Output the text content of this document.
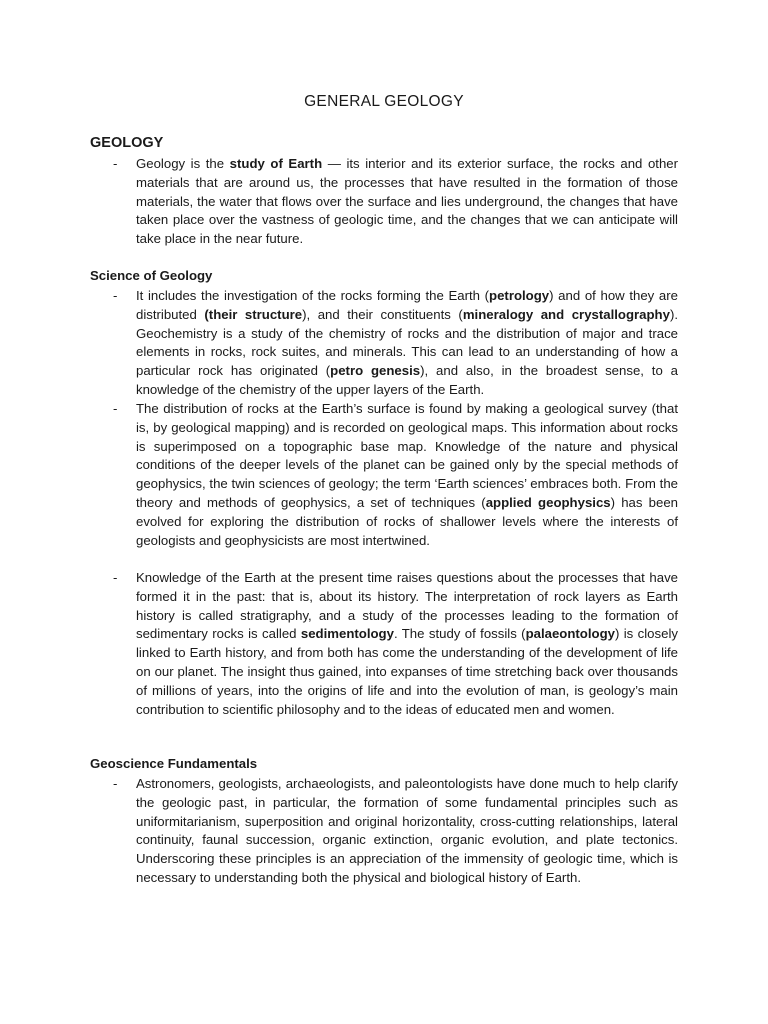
GENERAL GEOLOGY
GEOLOGY
- Geology is the study of Earth — its interior and its exterior surface, the rocks and other materials that are around us, the processes that have resulted in the formation of those materials, the water that flows over the surface and lies underground, the changes that have taken place over the vastness of geologic time, and the changes that we can anticipate will take place in the near future.
Science of Geology
- It includes the investigation of the rocks forming the Earth (petrology) and of how they are distributed (their structure), and their constituents (mineralogy and crystallography). Geochemistry is a study of the chemistry of rocks and the distribution of major and trace elements in rocks, rock suites, and minerals. This can lead to an understanding of how a particular rock has originated (petro genesis), and also, in the broadest sense, to a knowledge of the chemistry of the upper layers of the Earth.
- The distribution of rocks at the Earth’s surface is found by making a geological survey (that is, by geological mapping) and is recorded on geological maps. This information about rocks is superimposed on a topographic base map. Knowledge of the nature and physical conditions of the deeper levels of the planet can be gained only by the special methods of geophysics, the twin sciences of geology; the term ‘Earth sciences’ embraces both. From the theory and methods of geophysics, a set of techniques (applied geophysics) has been evolved for exploring the distribution of rocks of shallower levels where the interests of geologists and geophysicists are most intertwined.
- Knowledge of the Earth at the present time raises questions about the processes that have formed it in the past: that is, about its history. The interpretation of rock layers as Earth history is called stratigraphy, and a study of the processes leading to the formation of sedimentary rocks is called sedimentology. The study of fossils (palaeontology) is closely linked to Earth history, and from both has come the understanding of the development of life on our planet. The insight thus gained, into expanses of time stretching back over thousands of millions of years, into the origins of life and into the evolution of man, is geology’s main contribution to scientific philosophy and to the ideas of educated men and women.
Geoscience Fundamentals
- Astronomers, geologists, archaeologists, and paleontologists have done much to help clarify the geologic past, in particular, the formation of some fundamental principles such as uniformitarianism, superposition and original horizontality, cross-cutting relationships, lateral continuity, faunal succession, organic extinction, organic evolution, and plate tectonics. Underscoring these principles is an appreciation of the immensity of geologic time, which is necessary to understanding both the physical and biological history of Earth.
